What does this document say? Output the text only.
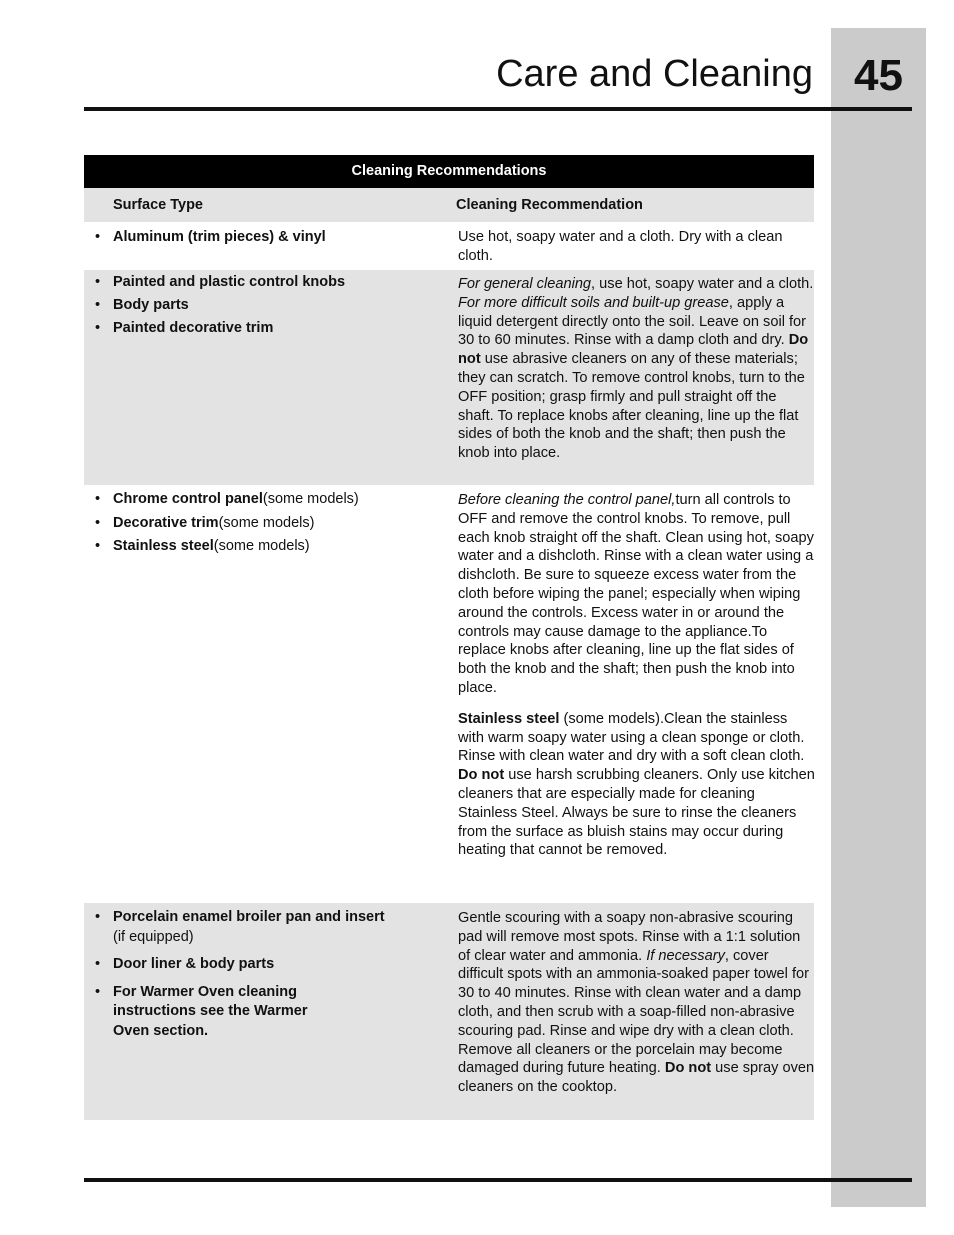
45
Care and Cleaning
Cleaning Recommendations
Surface Type	Cleaning Recommendation
• Aluminum (trim pieces) & vinyl	Use hot, soapy water and a cloth. Dry with a clean cloth.

• Painted and plastic control knobs
• Body parts
• Painted decorative trim

For general cleaning, use hot, soapy water and a cloth. For more difficult soils and built-up grease, apply a liquid detergent directly onto the soil. Leave on soil for 30 to 60 minutes. Rinse with a damp cloth and dry. Do not use abrasive cleaners on any of these materials; they can scratch. To remove control knobs, turn to the OFF position; grasp firmly and pull straight off the shaft. To replace knobs after cleaning, line up the flat sides of both the knob and the shaft; then push the knob into place.

• Chrome control panel(some models)
• Decorative trim(some models)
• Stainless steel(some models)

Before cleaning the control panel,turn all controls to OFF and remove the control knobs. To remove, pull each knob straight off the shaft. Clean using hot, soapy water and a dishcloth. Rinse with a clean water using a dishcloth. Be sure to squeeze excess water from the cloth before wiping the panel; especially when wiping around the controls. Excess water in or around the controls may cause damage to the appliance.To replace knobs after cleaning, line up the flat sides of both the knob and the shaft; then push the knob into place.

Stainless steel (some models).Clean the stainless with warm soapy water using a clean sponge or cloth. Rinse with clean water and dry with a soft clean cloth. Do not use harsh scrubbing cleaners. Only use kitchen cleaners that are especially made for cleaning Stainless Steel. Always be sure to rinse the cleaners from the surface as bluish stains may occur during heating that cannot be removed.

• Porcelain enamel broiler pan and insert (if equipped)
• Door liner & body parts
• For Warmer Oven cleaning instructions see the Warmer Oven section.

Gentle scouring with a soapy non-abrasive scouring pad will remove most spots. Rinse with a 1:1 solution of clear water and ammonia. If necessary, cover difficult spots with an ammonia-soaked paper towel for 30 to 40 minutes. Rinse with clean water and a damp cloth, and then scrub with a soap-filled non-abrasive scouring pad. Rinse and wipe dry with a clean cloth. Remove all cleaners or the porcelain may become damaged during future heating. Do not use spray oven cleaners on the cooktop.
